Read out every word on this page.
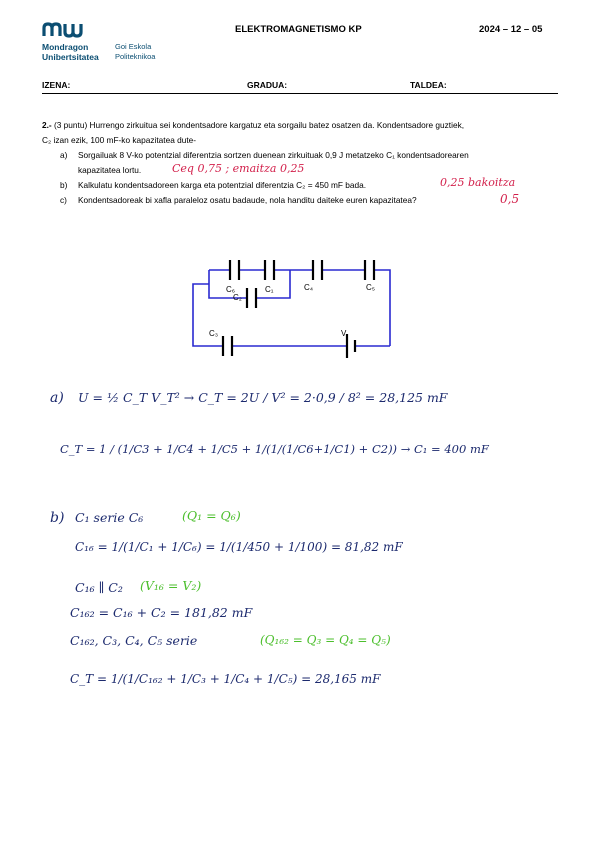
Mondragon
Unibertsitatea
Goi Eskola
Politeknikoa
ELEKTROMAGNETISMO KP	2024 – 12 – 05
IZENA:	GRADUA:	TALDEA:
2.- (3 puntu) Hurrengo zirkuitua sei kondentsadore kargatuz eta sorgailu batez osatzen da. Kondentsadore guztiek,
C₂ izan ezik, 100 mF-ko kapazitatea dute-
a) Sorgailuak 8 V-ko potentzial diferentzia sortzen duenean zirkuituak 0,9 J metatzeko C₁ kondentsadorearen
kapazitatea lortu.	Ceq 0,75 ; emaitza 0,25
b) Kalkulatu kondentsadoreen karga eta potentzial diferentzia C₂ = 450 mF bada.	0,25 bakoitza
c) Kondentsadoreak bi xafla paraleloz osatu badaude, nola handitu daiteke euren kapazitatea?	0,5
C₆	C₁
C₂
C₄	C₅
C₃	V
a) U = ½ C_T V_T² → C_T = 2U / V² = 2·0,9 / 8² = 28,125 mF
C_T = 1 / (1/C3 + 1/C4 + 1/C5 + 1/(1/(1/C6+1/C1) + C2)) → C₁ = 400 mF
b) C₁ serie C₆	(Q₁ = Q₆)
C₁₆ = 1/(1/C₁ + 1/C₆) = 1/(1/450 + 1/100) = 81,82 mF
C₁₆ ∥ C₂ (V₁₆ = V₂)
C₁₆₂ = C₁₆ + C₂ = 181,82 mF
C₁₆₂, C₃, C₄, C₅ serie	(Q₁₆₂ = Q₃ = Q₄ = Q₅)
C_T = 1/(1/C₁₆₂ + 1/C₃ + 1/C₄ + 1/C₅) = 28,165 mF
